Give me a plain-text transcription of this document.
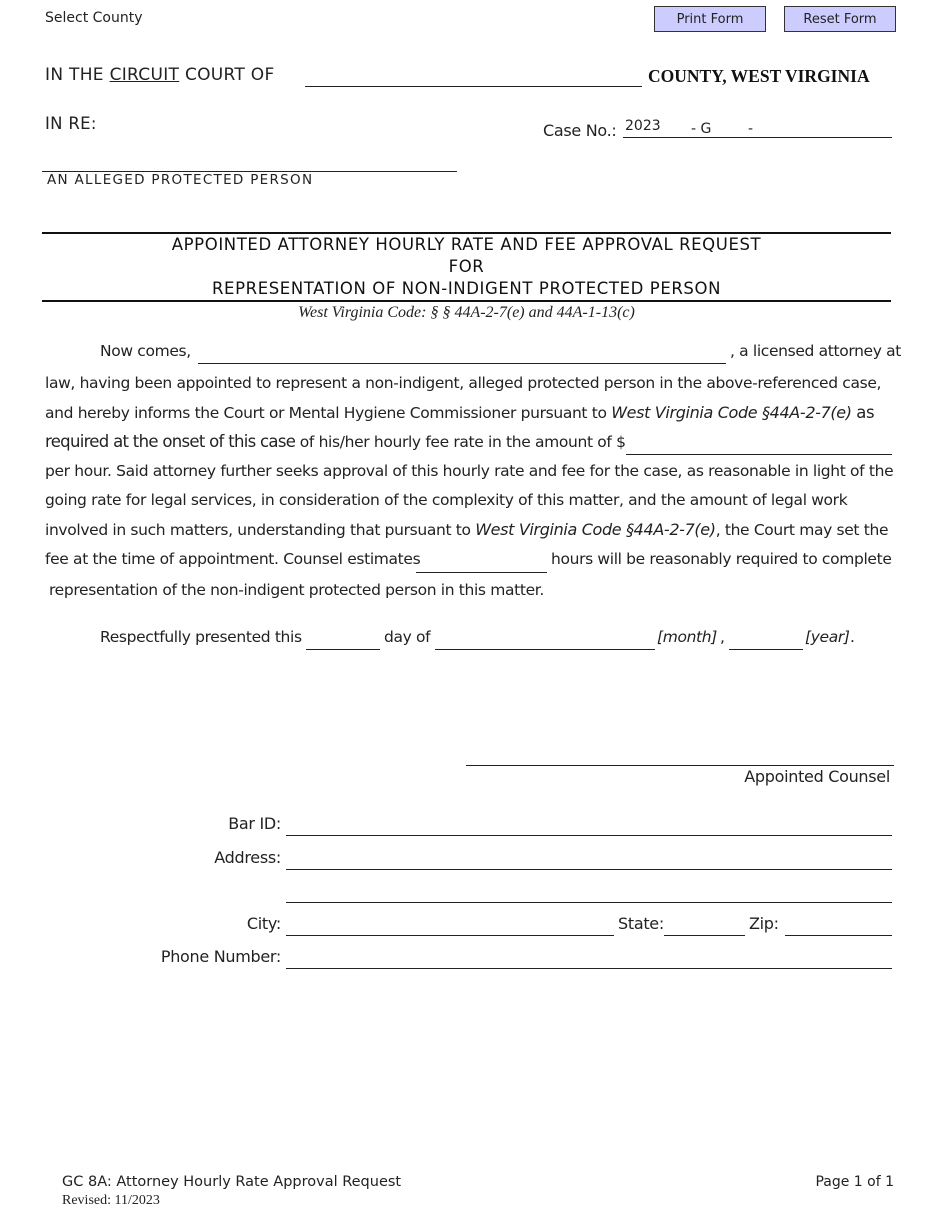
Select County	Print Form	Reset Form
IN THE CIRCUIT COURT OF	COUNTY, WEST VIRGINIA
IN RE:	Case No.: 2023 - G	-
AN ALLEGED PROTECTED PERSON
APPOINTED ATTORNEY HOURLY RATE AND FEE APPROVAL REQUEST
FOR
REPRESENTATION OF NON-INDIGENT PROTECTED PERSON
West Virginia Code: § § 44A-2-7(e) and 44A-1-13(c)
Now comes,	, a licensed attorney at
law, having been appointed to represent a non-indigent, alleged protected person in the above-referenced case,
and hereby informs the Court or Mental Hygiene Commissioner pursuant to West Virginia Code §44A-2-7(e) as
required at the onset of this case of his/her hourly fee rate in the amount of $
per hour. Said attorney further seeks approval of this hourly rate and fee for the case, as reasonable in light of the
going rate for legal services, in consideration of the complexity of this matter, and the amount of legal work
involved in such matters, understanding that pursuant to West Virginia Code §44A-2-7(e), the Court may set the
fee at the time of appointment. Counsel estimates	hours will be reasonably required to complete
representation of the non-indigent protected person in this matter.
Respectfully presented this	day of	[month] ,	[year] .
Appointed Counsel
Bar ID:
Address:
City:	State:	Zip:
Phone Number:
GC 8A: Attorney Hourly Rate Approval Request
Revised: 11/2023
Page 1 of 1
